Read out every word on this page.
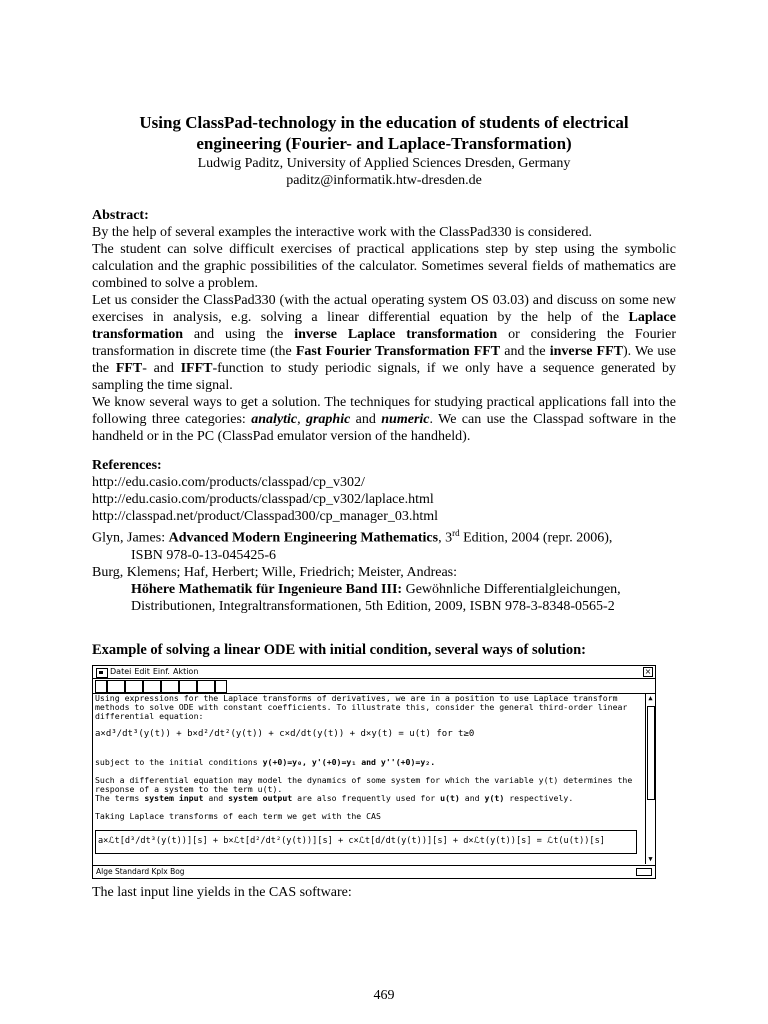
Using ClassPad-technology in the education of students of electrical
engineering (Fourier- and Laplace-Transformation)
Ludwig Paditz, University of Applied Sciences Dresden, Germany
paditz@informatik.htw-dresden.de
Abstract:
By the help of several examples the interactive work with the ClassPad330 is considered.
The student can solve difficult exercises of practical applications step by step using the symbolic calculation and the graphic possibilities of the calculator. Sometimes several fields of mathematics are combined to solve a problem.
Let us consider the ClassPad330 (with the actual operating system OS 03.03) and discuss on some new exercises in analysis, e.g. solving a linear differential equation by the help of the Laplace transformation and using the inverse Laplace transformation or considering the Fourier transformation in discrete time (the Fast Fourier Transformation FFT and the inverse FFT). We use the FFT- and IFFT-function to study periodic signals, if we only have a sequence generated by sampling the time signal.
We know several ways to get a solution. The techniques for studying practical applications fall into the following three categories: analytic, graphic and numeric. We can use the Classpad software in the handheld or in the PC (ClassPad emulator version of the handheld).
References:
http://edu.casio.com/products/classpad/cp_v302/
http://edu.casio.com/products/classpad/cp_v302/laplace.html
http://classpad.net/product/Classpad300/cp_manager_03.html
Glyn, James: Advanced Modern Engineering Mathematics, 3rd Edition, 2004 (repr. 2006),
ISBN 978-0-13-045425-6
Burg, Klemens; Haf, Herbert; Wille, Friedrich; Meister, Andreas:
Höhere Mathematik für Ingenieure Band III: Gewöhnliche Differentialgleichungen,
Distributionen, Integraltransformationen, 5th Edition, 2009, ISBN 978-3-8348-0565-2
Example of solving a linear ODE with initial condition, several ways of solution:
Datei Edit Einf. Aktion	×
Using expressions for the Laplace transforms of derivatives, we are in a position to use Laplace transform
methods to solve ODE with constant coefficients. To illustrate this, consider the general third-order linear
differential equation:
a×d³/dt³(y(t)) + b×d²/dt²(y(t)) + c×d/dt(y(t)) + d×y(t) = u(t) for t≥0
subject to the initial conditions y(+0)=y₀, y'(+0)=y₁ and y''(+0)=y₂.
Such a differential equation may model the dynamics of some system for which the variable y(t) determines the
response of a system to the term u(t).
The terms system input and system output are also frequently used for u(t) and y(t) respectively.
Taking Laplace transforms of each term we get with the CAS
a×ℒt[d³/dt³(y(t))][s] + b×ℒt[d²/dt²(y(t))][s] + c×ℒt[d/dt(y(t))][s] + d×ℒt(y(t))[s] = ℒt(u(t))[s]
▲
▼
Alge Standard Kplx Bog
The last input line yields in the CAS software:
469
